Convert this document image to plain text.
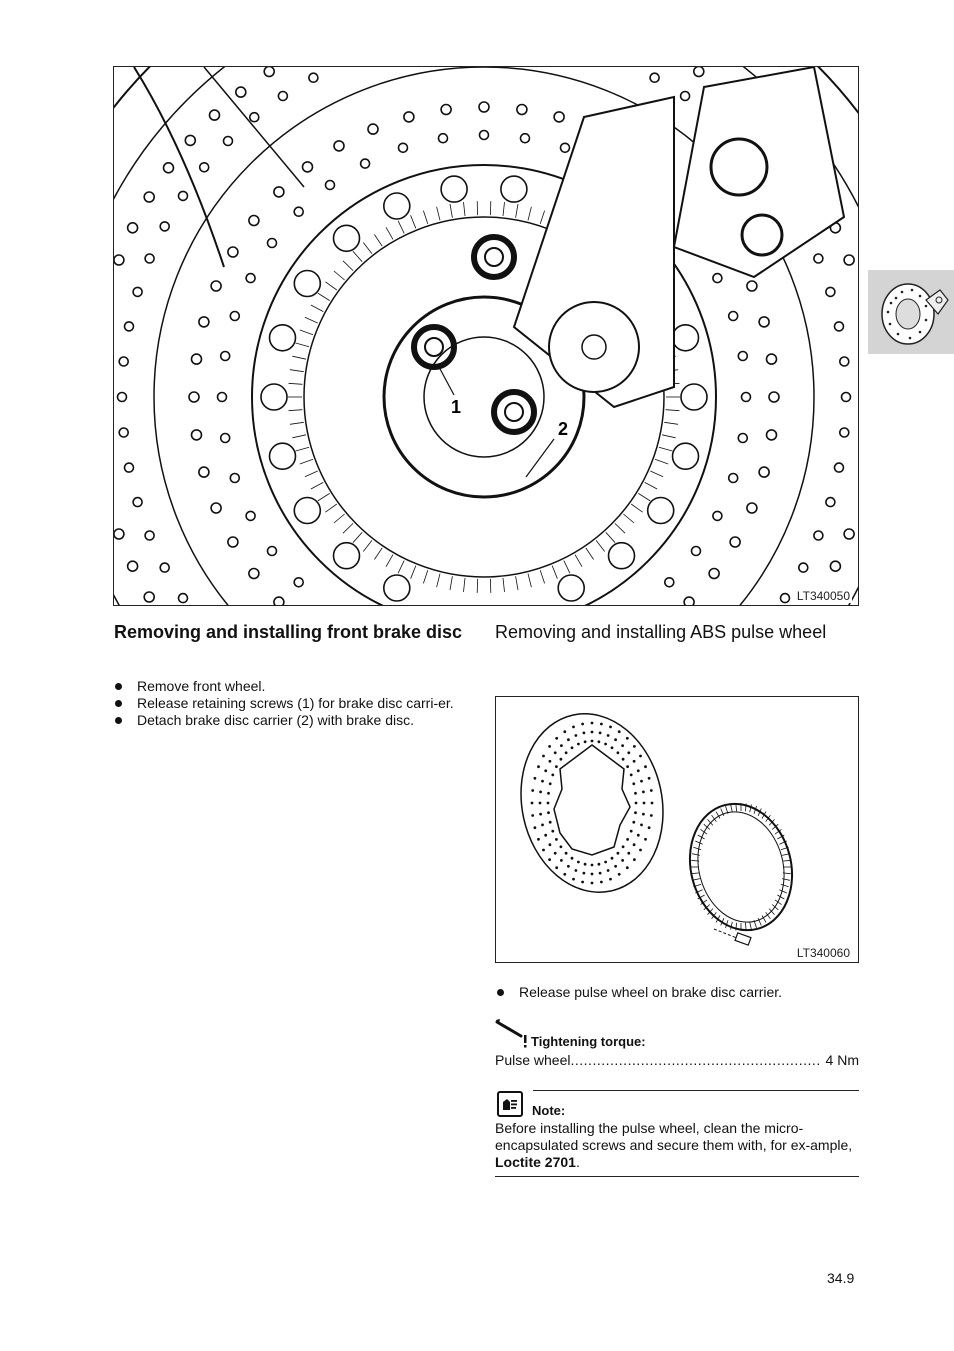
1
2
LT340050
Removing and installing front brake disc	Removing and installing ABS pulse wheel
Remove front wheel.
Release retaining screws (1) for brake disc carri-er.
Detach brake disc carrier (2) with brake disc.
LT340060
Release pulse wheel on brake disc carrier.
Tightening torque:
Pulse wheel
.....	4 Nm
Note:

Before installing the pulse wheel, clean the micro-encapsulated screws and secure them with, for ex-ample, Loctite 2701.

34.9
